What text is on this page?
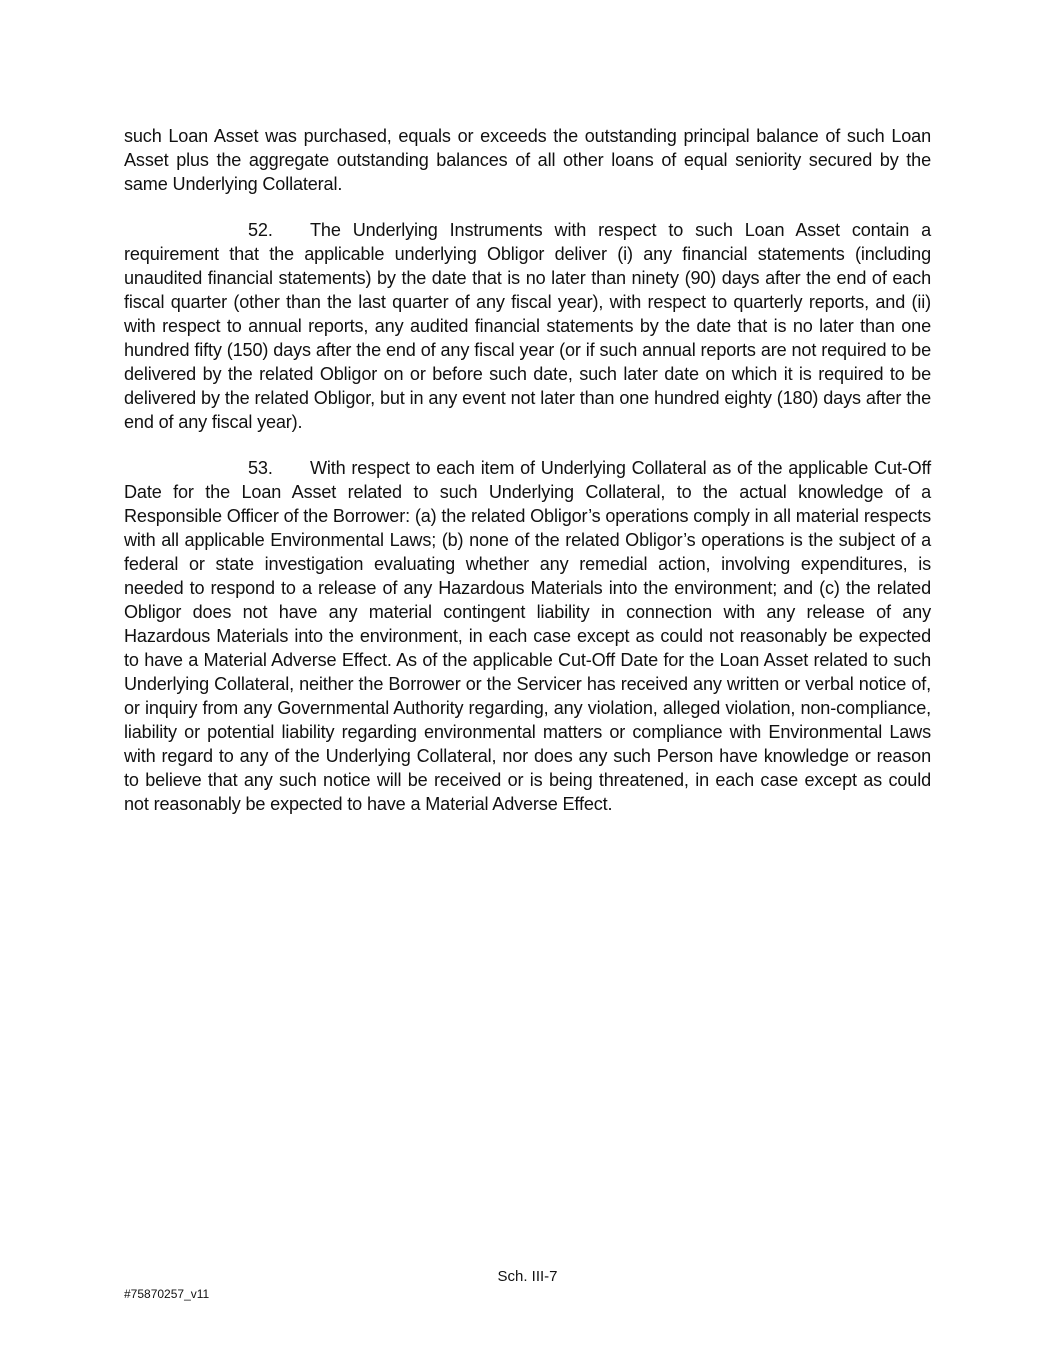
such Loan Asset was purchased, equals or exceeds the outstanding principal balance of such Loan Asset plus the aggregate outstanding balances of all other loans of equal seniority secured by the same Underlying Collateral.

52. The Underlying Instruments with respect to such Loan Asset contain a requirement that the applicable underlying Obligor deliver (i) any financial statements (including unaudited financial statements) by the date that is no later than ninety (90) days after the end of each fiscal quarter (other than the last quarter of any fiscal year), with respect to quarterly reports, and (ii) with respect to annual reports, any audited financial statements by the date that is no later than one hundred fifty (150) days after the end of any fiscal year (or if such annual reports are not required to be delivered by the related Obligor on or before such date, such later date on which it is required to be delivered by the related Obligor, but in any event not later than one hundred eighty (180) days after the end of any fiscal year).

53. With respect to each item of Underlying Collateral as of the applicable Cut-Off Date for the Loan Asset related to such Underlying Collateral, to the actual knowledge of a Responsible Officer of the Borrower: (a) the related Obligor’s operations comply in all material respects with all applicable Environmental Laws; (b) none of the related Obligor’s operations is the subject of a federal or state investigation evaluating whether any remedial action, involving expenditures, is needed to respond to a release of any Hazardous Materials into the environment; and (c) the related Obligor does not have any material contingent liability in connection with any release of any Hazardous Materials into the environment, in each case except as could not reasonably be expected to have a Material Adverse Effect. As of the applicable Cut-Off Date for the Loan Asset related to such Underlying Collateral, neither the Borrower or the Servicer has received any written or verbal notice of, or inquiry from any Governmental Authority regarding, any violation, alleged violation, non-compliance, liability or potential liability regarding environmental matters or compliance with Environmental Laws with regard to any of the Underlying Collateral, nor does any such Person have knowledge or reason to believe that any such notice will be received or is being threatened, in each case except as could not reasonably be expected to have a Material Adverse Effect.

Sch. III-7
#75870257_v11
